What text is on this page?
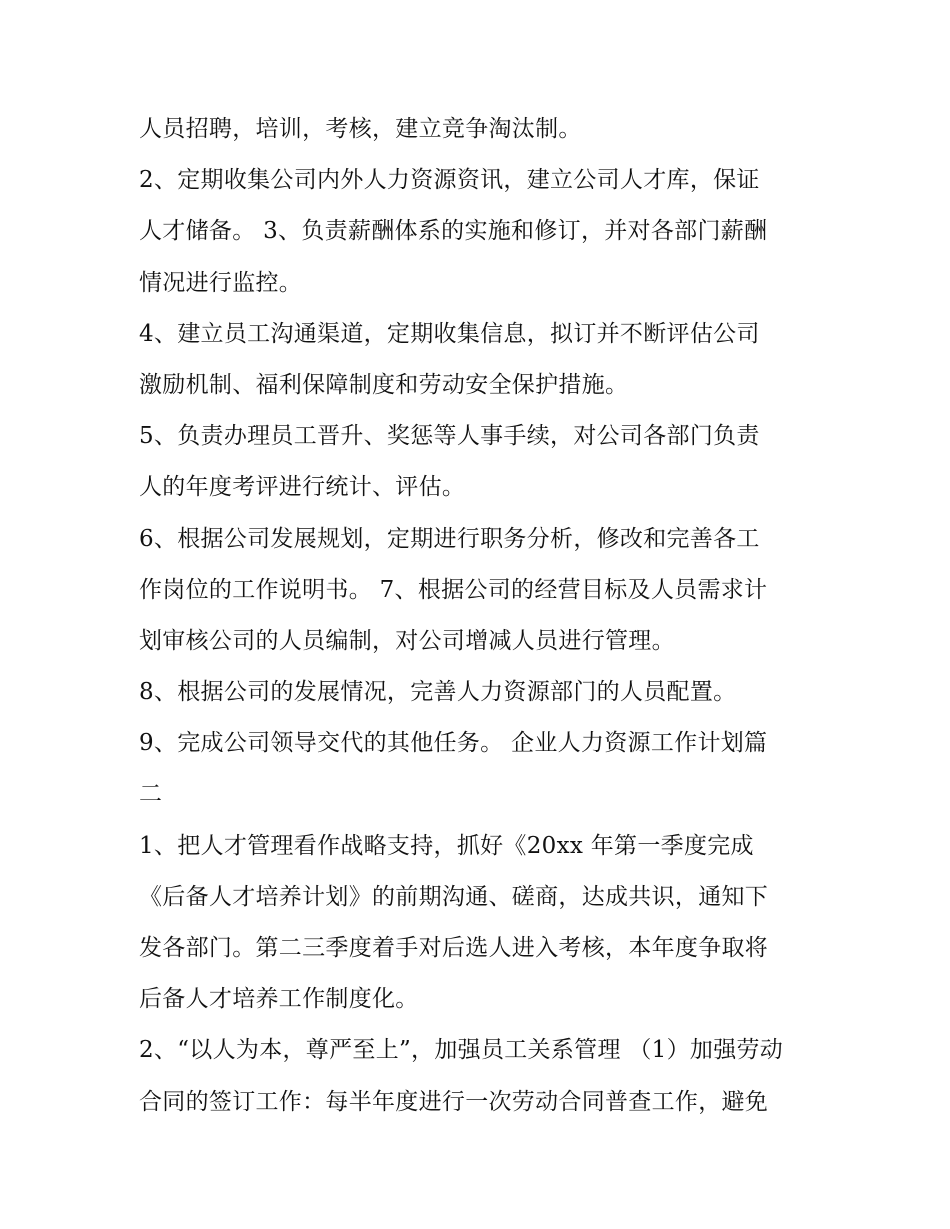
人员招聘，培训，考核，建立竞争淘汰制。
2、定期收集公司内外人力资源资讯，建立公司人才库，保证
人才储备。 3、负责薪酬体系的实施和修订，并对各部门薪酬
情况进行监控。
4、建立员工沟通渠道，定期收集信息，拟订并不断评估公司
激励机制、福利保障制度和劳动安全保护措施。
5、负责办理员工晋升、奖惩等人事手续，对公司各部门负责
人的年度考评进行统计、评估。
6、根据公司发展规划，定期进行职务分析，修改和完善各工
作岗位的工作说明书。 7、根据公司的经营目标及人员需求计
划审核公司的人员编制，对公司增减人员进行管理。
8、根据公司的发展情况，完善人力资源部门的人员配置。
9、完成公司领导交代的其他任务。 企业人力资源工作计划篇
二
1、把人才管理看作战略支持，抓好《20xx 年第一季度完成
《后备人才培养计划》的前期沟通、磋商，达成共识，通知下
发各部门。第二三季度着手对后选人进入考核，本年度争取将
后备人才培养工作制度化。
2、“以人为本，尊严至上”，加强员工关系管理 （1）加强劳动
合同的签订工作：每半年度进行一次劳动合同普查工作，避免
